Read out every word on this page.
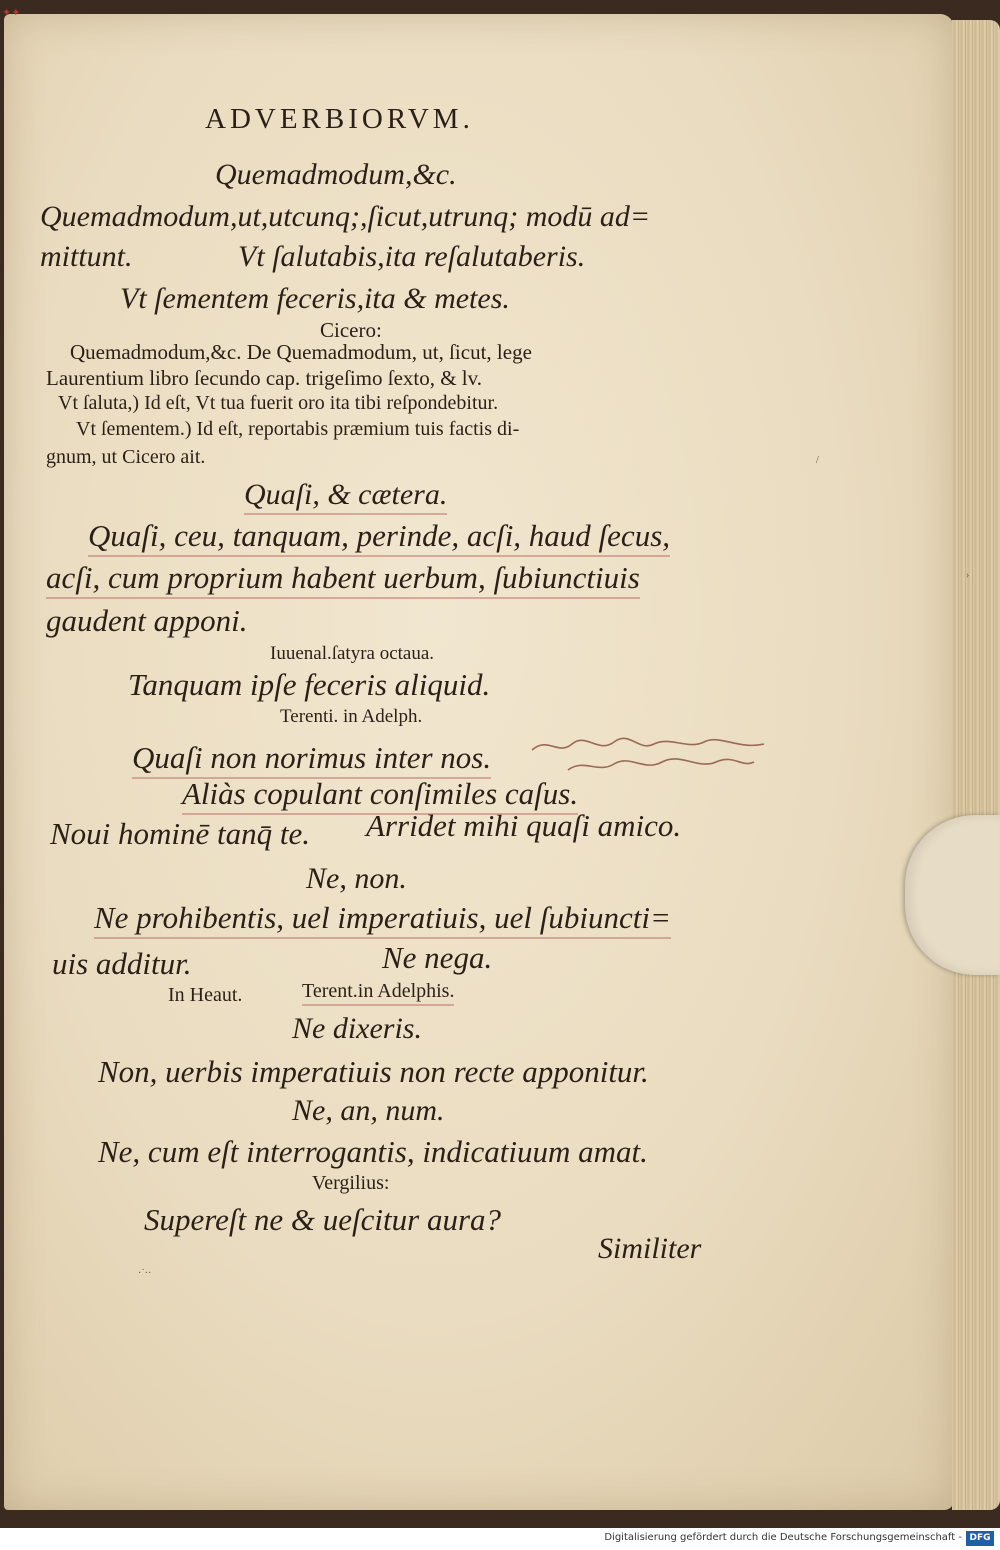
✦✦
ADVERBIORVM.
Quemadmodum,&c.
Quemadmodum,ut,utcunq;,ſicut,utrunq; modū ad=
mittunt.	Vt ſalutabis,ita reſalutaberis.
Vt ſementem feceris,ita & metes.
Cicero:
Quemadmodum,&c. De Quemadmodum, ut, ſicut, lege
Laurentium libro ſecundo cap. trigeſimo ſexto, & lv.
Vt ſaluta,) Id eſt, Vt tua fuerit oro ita tibi reſpondebitur.
Vt ſementem.) Id eſt, reportabis præmium tuis factis di-
gnum, ut Cicero ait.
Quaſi, & cætera.
Quaſi, ceu, tanquam, perinde, acſi, haud ſecus,
acſi, cum proprium habent uerbum, ſubiunctiuis
gaudent apponi.
Iuuenal.ſatyra octaua.
Tanquam ipſe feceris aliquid.
Terenti. in Adelph.
Quaſi non norimus inter nos.
Aliàs copulant conſimiles caſus.
Noui hominē tanq̄ te. Arridet mihi quaſi amico.
Ne, non.
Ne prohibentis, uel imperatiuis, uel ſubiuncti=
uis additur.	Ne nega.
In Heaut.	Terent.in Adelphis.
Ne dixeris.
Non, uerbis imperatiuis non recte apponitur.
Ne, an, num.
Ne, cum eſt interrogantis, indicatiuum amat.
Vergilius:
Supereſt ne & ueſcitur aura?
Similiter
·˙··
/
›
Digitalisierung gefördert durch die Deutsche Forschungsgemeinschaft - DFG
